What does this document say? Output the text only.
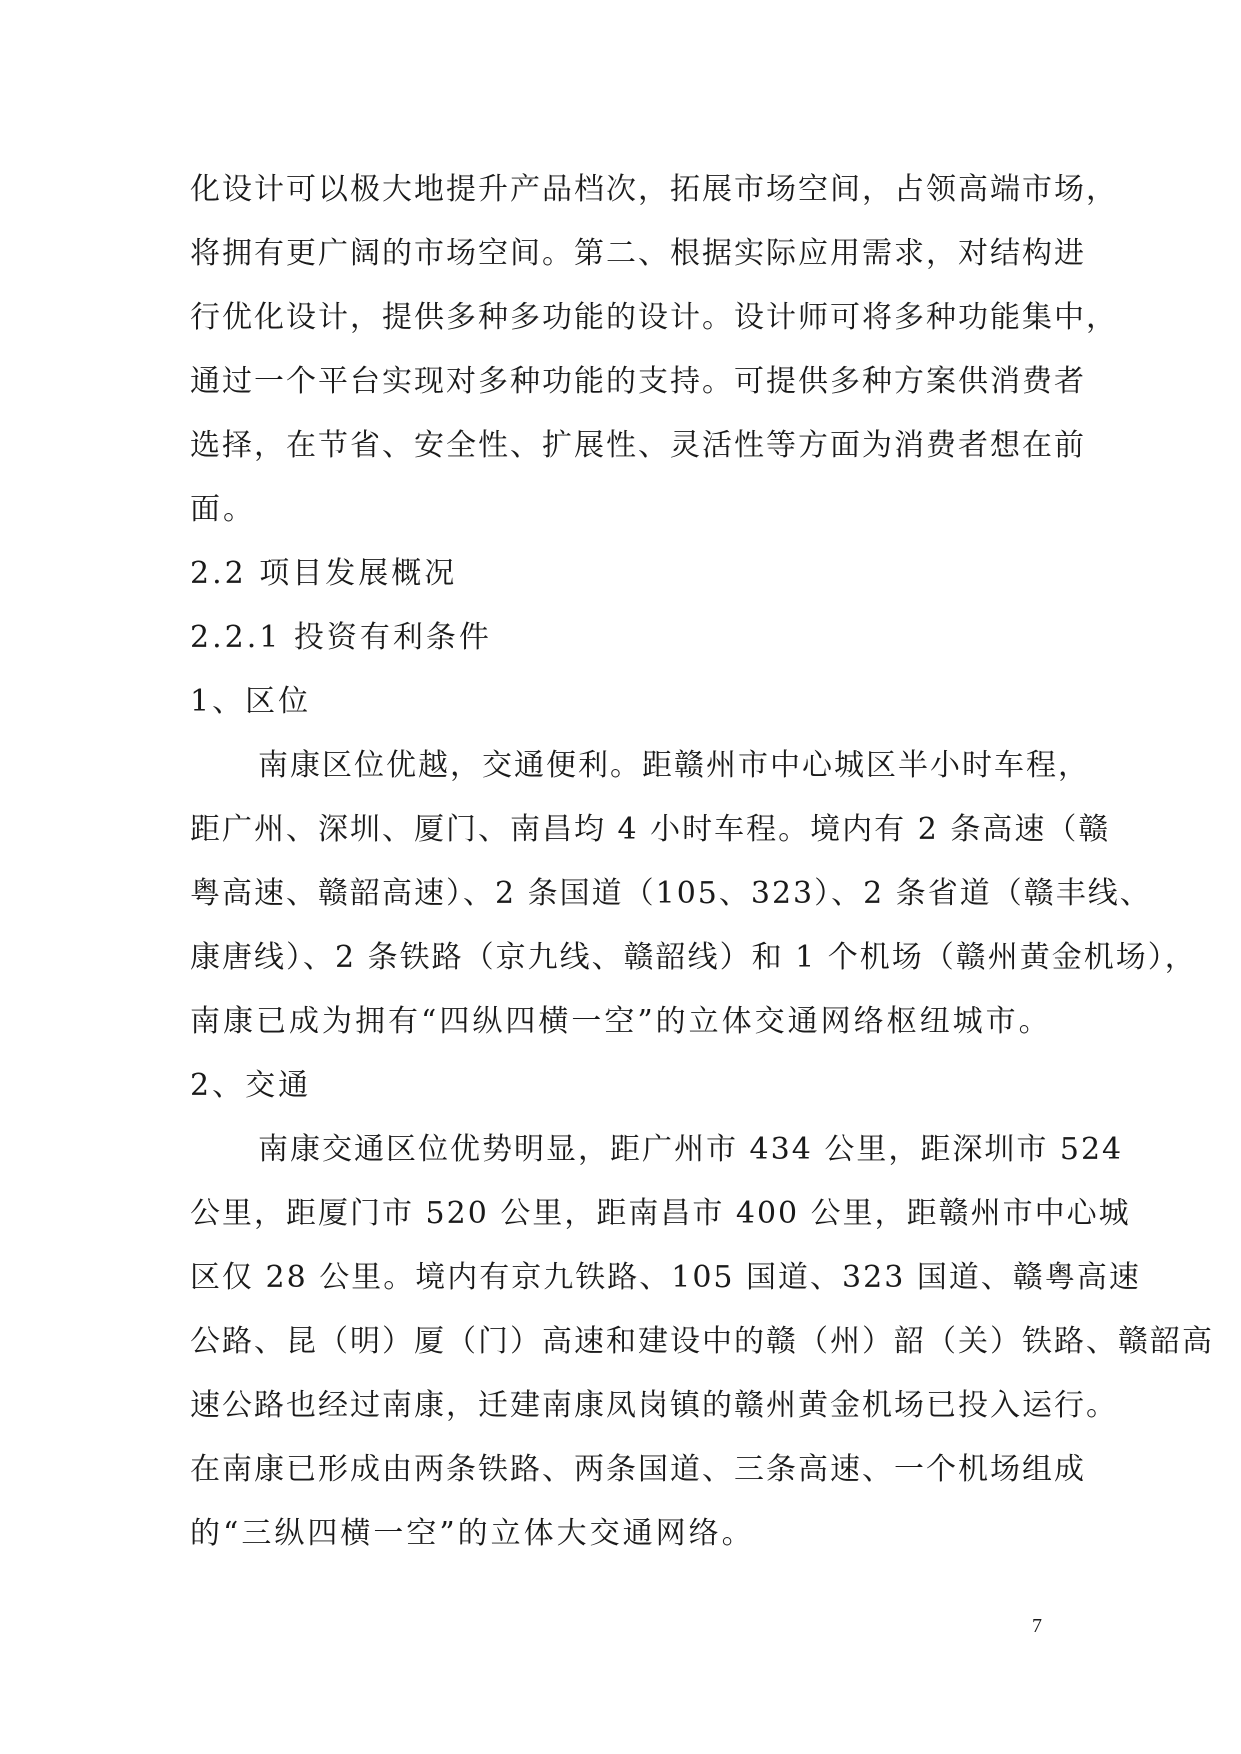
化设计可以极大地提升产品档次，拓展市场空间，占领高端市场，
将拥有更广阔的市场空间。第二、根据实际应用需求，对结构进
行优化设计，提供多种多功能的设计。设计师可将多种功能集中，
通过一个平台实现对多种功能的支持。可提供多种方案供消费者
选择，在节省、安全性、扩展性、灵活性等方面为消费者想在前
面。
2.2 项目发展概况
2.2.1 投资有利条件
1、区位
南康区位优越，交通便利。距赣州市中心城区半小时车程，
距广州、深圳、厦门、南昌均 4 小时车程。境内有 2 条高速（赣
粤高速、赣韶高速）、2 条国道（105、323）、2 条省道（赣丰线、
康唐线）、2 条铁路（京九线、赣韶线）和 1 个机场（赣州黄金机场），
南康已成为拥有“四纵四横一空”的立体交通网络枢纽城市。
2、交通
南康交通区位优势明显，距广州市 434 公里，距深圳市 524
公里，距厦门市 520 公里，距南昌市 400 公里，距赣州市中心城
区仅 28 公里。境内有京九铁路、105 国道、323 国道、赣粤高速
公路、昆（明）厦（门）高速和建设中的赣（州）韶（关）铁路、赣韶高
速公路也经过南康，迁建南康凤岗镇的赣州黄金机场已投入运行。
在南康已形成由两条铁路、两条国道、三条高速、一个机场组成
的“三纵四横一空”的立体大交通网络。
7
